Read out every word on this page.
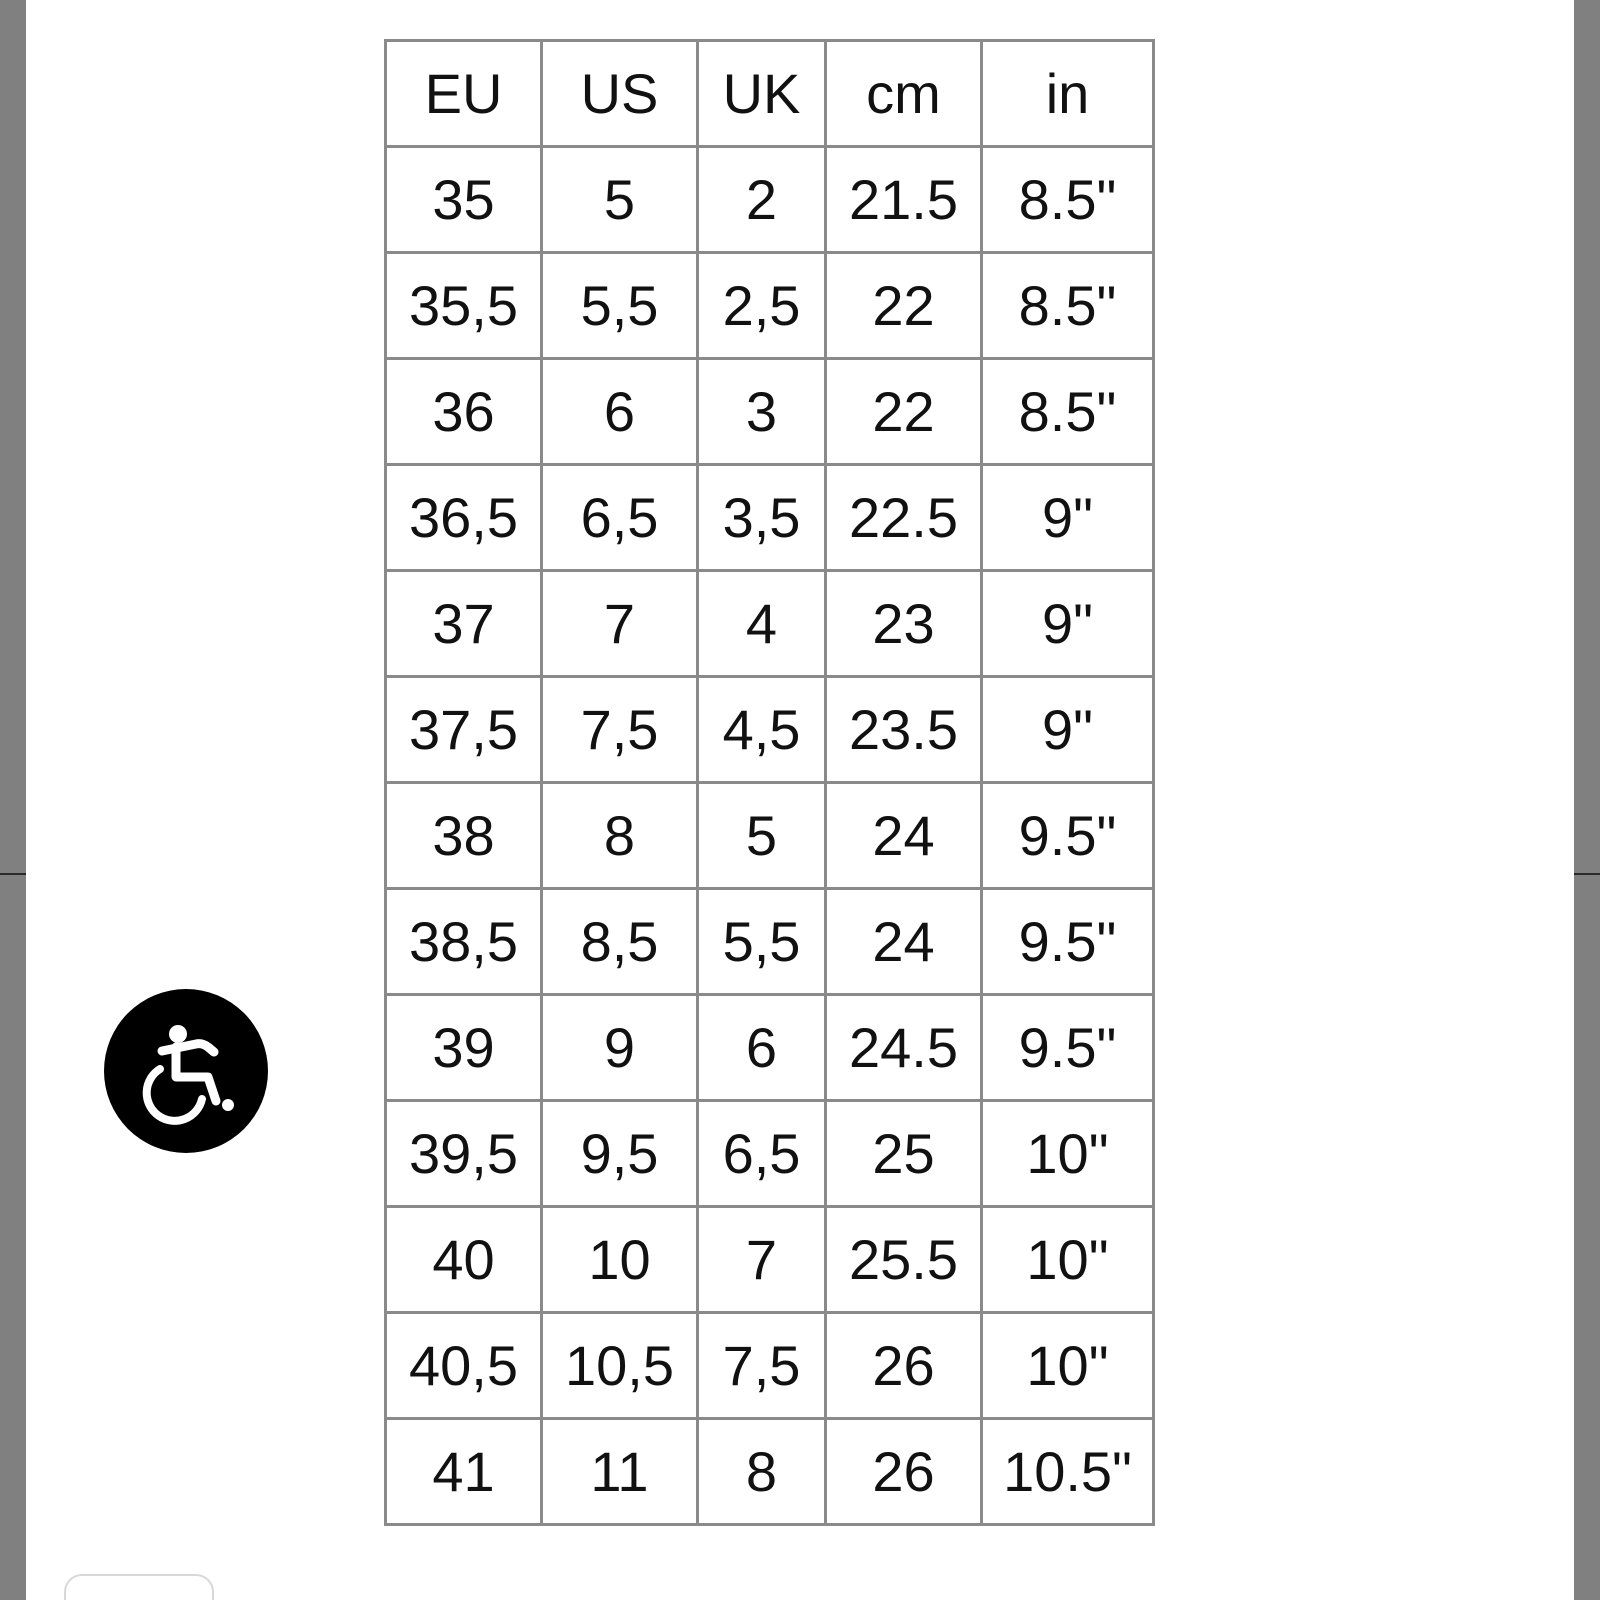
EU	US	UK	cm	in
35	5	2	21.5	8.5"
35,5	5,5	2,5	22	8.5"
36	6	3	22	8.5"
36,5	6,5	3,5	22.5	9"
37	7	4	23	9"
37,5	7,5	4,5	23.5	9"
38	8	5	24	9.5"
38,5	8,5	5,5	24	9.5"
39	9	6	24.5	9.5"
39,5	9,5	6,5	25	10"
40	10	7	25.5	10"
40,5	10,5	7,5	26	10"
41	11	8	26	10.5"
